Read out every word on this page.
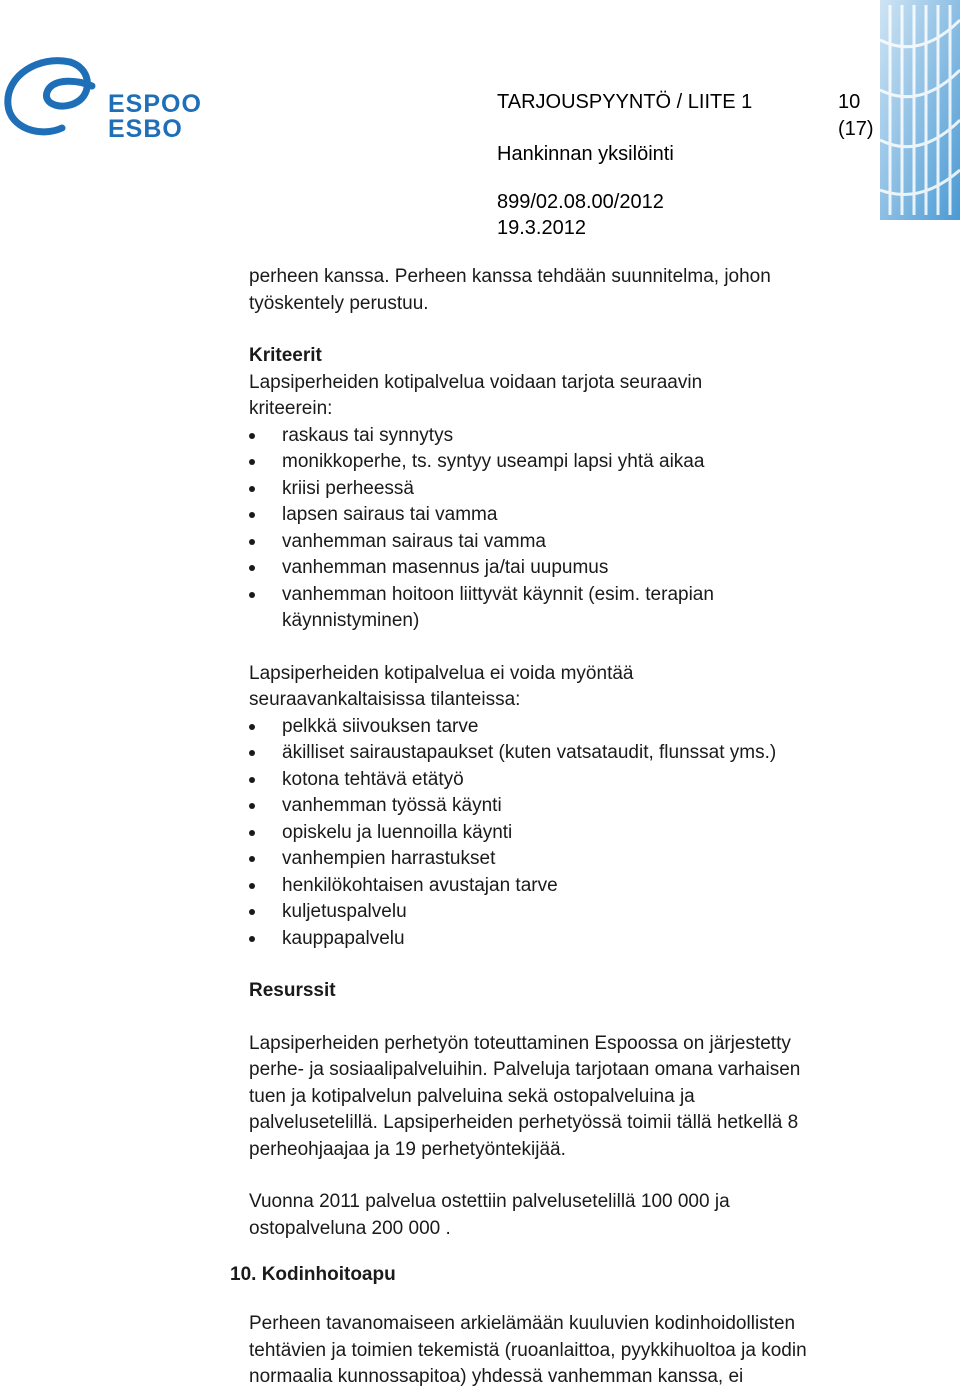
ESPOO
ESBO
TARJOUSPYYNTÖ / LIITE 1	10
(17)
Hankinnan yksilöinti
899/02.08.00/2012
19.3.2012

perheen kanssa. Perheen kanssa tehdään suunnitelma, johon

työskentely perustuu.

Kriteerit

Lapsiperheiden kotipalvelua voidaan tarjota seuraavin

kriteerein:

raskaus tai synnytys
monikkoperhe, ts. syntyy useampi lapsi yhtä aikaa
kriisi perheessä
lapsen sairaus tai vamma
vanhemman sairaus tai vamma
vanhemman masennus ja/tai uupumus
vanhemman hoitoon liittyvät käynnit (esim. terapian käynnistyminen)

Lapsiperheiden kotipalvelua ei voida myöntää

seuraavankaltaisissa tilanteissa:

pelkkä siivouksen tarve
äkilliset sairaustapaukset (kuten vatsataudit, flunssat yms.)
kotona tehtävä etätyö
vanhemman työssä käynti
opiskelu ja luennoilla käynti
vanhempien harrastukset
henkilökohtaisen avustajan tarve
kuljetuspalvelu
kauppapalvelu

Resurssit

Lapsiperheiden perhetyön toteuttaminen Espoossa on järjestetty

perhe- ja sosiaalipalveluihin. Palveluja tarjotaan omana varhaisen

tuen ja kotipalvelun palveluina sekä ostopalveluina ja

palvelusetelillä. Lapsiperheiden perhetyössä toimii tällä hetkellä 8

perheohjaajaa ja 19 perhetyöntekijää.

Vuonna 2011 palvelua ostettiin palvelusetelillä 100 000 ja

ostopalveluna 200 000 .

10. Kodinhoitoapu

Perheen tavanomaiseen arkielämään kuuluvien kodinhoidollisten

tehtävien ja toimien tekemistä (ruoanlaittoa, pyykkihuoltoa ja kodin

normaalia kunnossapitoa) yhdessä vanhemman kanssa, ei
